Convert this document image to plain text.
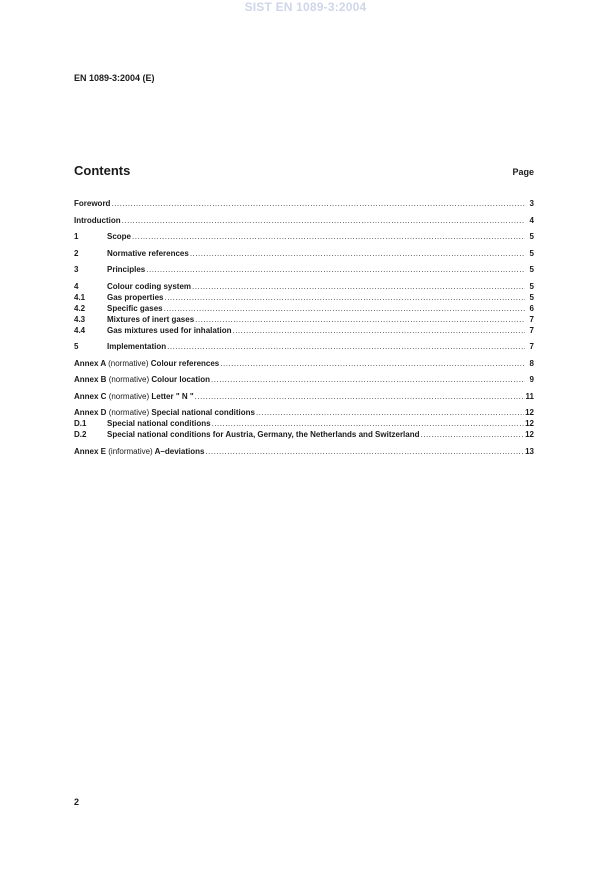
SIST EN 1089-3:2004
EN 1089-3:2004 (E)
Contents	Page
Foreword .....	3
Introduction .....	4
1	Scope .....	5
2	Normative references .....	5
3	Principles .....	5
4	Colour coding system .....	5
4.1	Gas properties .....	5
4.2	Specific gases .....	6
4.3	Mixtures of inert gases .....	7
4.4	Gas mixtures used for inhalation .....	7
5	Implementation .....	7
Annex A (normative) Colour references .....	8
Annex B (normative) Colour location .....	9
Annex C (normative) Letter " N " .....	11
Annex D (normative) Special national conditions .....	12
D.1	Special national conditions .....	12
D.2	Special national conditions for Austria, Germany, the Netherlands and Switzerland .....	12
Annex E (informative) A–deviations .....	13
2
